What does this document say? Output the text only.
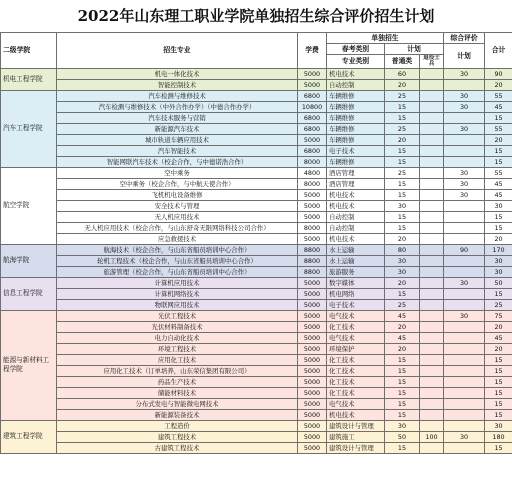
2022年山东理工职业学院单独招生综合评价招生计划
二级学院	招生专业	学费	单独招生			综合评价	合计
			春考类别	计划		计划	
			专业类别	普通类	退役士兵		
机电工程学院	机电一体化技术	5000	机电技术	60		30	90
	智能控制技术	5000	自动控制	20			20
汽车工程学院	汽车检测与维修技术	6800	车辆维修	25		30	55
	汽车检测与维修技术（中外合作办学）（中德合作办学）	10800	车辆维修	15		30	45
	汽车技术服务与营销	6800	车辆维修	15			15
	新能源汽车技术	6800	车辆维修	25		30	55
	城市轨道车辆应用技术	5000	车辆维修	20			20
	汽车智能技术	6800	电子技术	15			15
	智能网联汽车技术（校企合作，与中德诺浩合作）	8000	车辆维修	15			15
航空学院	空中乘务	4800	酒店管理	25		30	55
	空中乘务（校企合作，与中航天使合作）	8000	酒店管理	15		30	45
	飞机机电设备维修	5000	机电技术	15		30	45
	安全技术与管理	5000	机电技术	30			30
	无人机应用技术	5000	自动控制	15			15
	无人机应用技术（校企合作，与山东舒奇无限网络科技公司合作）	8000	自动控制	15			15
	应急救援技术	5000	机电技术	20			20
航海学院	航海技术（校企合作，与山东省船员培训中心合作）	8800	水上运输	80		90	170
	轮机工程技术（校企合作，与山东省船员培训中心合作）	8800	水上运输	30			30
	旅游管理（校企合作，与山东省船员培训中心合作）	8800	旅游服务	30			30
信息工程学院	计算机应用技术	5000	数字媒体	20		30	50
	计算机网络技术	5000	机电网络	15			15
	物联网应用技术	5000	电子技术	25			25
能源与新材料工程学院	光伏工程技术	5000	电气技术	45		30	75
	光伏材料制备技术	5000	化工技术	20			20
	电力自动化技术	5000	电气技术	45			45
	环境工程技术	5000	环境保护	20			20
	应用化工技术	5000	化工技术	15			15
	应用化工技术（订单培养，山东荣信集团有限公司）	5000	化工技术	15			15
	药品生产技术	5000	化工技术	15			15
	储能材料技术	5000	化工技术	15			15
	分布式发电与智能微电网技术	5000	电气技术	15			15
	新能源装备技术	5000	机电技术	15			15
建筑工程学院	工程造价	5000	建筑设计与管理	30			30
	建筑工程技术	5000	建筑施工	50	100	30	180
	古建筑工程技术	5000	建筑设计与管理	15			15
